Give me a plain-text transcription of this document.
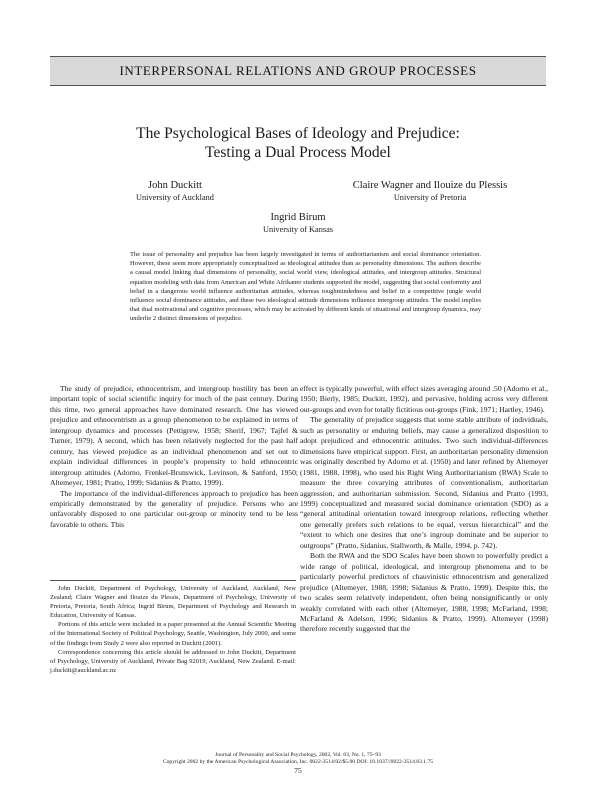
INTERPERSONAL RELATIONS AND GROUP PROCESSES
The Psychological Bases of Ideology and Prejudice:
Testing a Dual Process Model
John Duckitt
University of Auckland
Claire Wagner and Ilouize du Plessis
University of Pretoria
Ingrid Birum
University of Kansas

The issue of personality and prejudice has been largely investigated in terms of authoritarianism and social dominance orientation. However, these seem more appropriately conceptualized as ideological attitudes than as personality dimensions. The authors describe a causal model linking dual dimensions of personality, social world view, ideological attitudes, and intergroup attitudes. Structural equation modeling with data from American and White Afrikaner students supported the model, suggesting that social conformity and belief in a dangerous world influence authoritarian attitudes, whereas toughmindedness and belief in a competitive jungle world influence social dominance attitudes, and these two ideological attitude dimensions influence intergroup attitudes. The model implies that dual motivational and cognitive processes, which may be activated by different kinds of situational and intergroup dynamics, may underlie 2 distinct dimensions of prejudice.

The study of prejudice, ethnocentrism, and intergroup hostility has been an important topic of social scientific inquiry for much of the past century. During this time, two general approaches have dominated research. One has viewed prejudice and ethnocentrism as a group phenomenon to be explained in terms of intergroup dynamics and processes (Pettigrew, 1958; Sherif, 1967; Tajfel & Turner, 1979). A second, which has been relatively neglected for the past half century, has viewed prejudice as an individual phenomenon and set out to explain individual differences in people’s propensity to hold ethnocentric intergroup attitudes (Adorno, Frenkel-Brunswick, Levinson, & Sanford, 1950; Altemeyer, 1981; Pratto, 1999; Sidanius & Pratto, 1999).

The importance of the individual-differences approach to prejudice has been empirically demonstrated by the generality of prejudice. Persons who are unfavorably disposed to one particular out-group or minority tend to be less favorable to others. This

effect is typically powerful, with effect sizes averaging around .50 (Adorno et al., 1950; Bierly, 1985; Duckitt, 1992), and pervasive, holding across very different out-groups and even for totally fictitious out-groups (Fink, 1971; Hartley, 1946).

The generality of prejudice suggests that some stable attribute of individuals, such as personality or enduring beliefs, may cause a generalized disposition to adopt prejudiced and ethnocentric attitudes. Two such individual-differences dimensions have empirical support. First, an authoritarian personality dimension was originally described by Adorno et al. (1950) and later refined by Altemeyer (1981, 1988, 1998), who used his Right Wing Authoritarianism (RWA) Scale to measure the three covarying attributes of conventionalism, authoritarian aggression, and authoritarian submission. Second, Sidanius and Pratto (1993, 1999) conceptualized and measured social dominance orientation (SDO) as a “general attitudinal orientation toward intergroup relations, reflecting whether one generally prefers such relations to be equal, versus hierarchical” and the “extent to which one desires that one’s ingroup dominate and be superior to outgroups” (Pratto, Sidanius, Stallworth, & Malle, 1994, p. 742).

Both the RWA and the SDO Scales have been shown to powerfully predict a wide range of political, ideological, and intergroup phenomena and to be particularly powerful predictors of chauvinistic ethnocentrism and generalized prejudice (Altemeyer, 1988, 1998; Sidanius & Pratto, 1999). Despite this, the two scales seem relatively independent, often being nonsignificantly or only weakly correlated with each other (Altemeyer, 1988, 1998; McFarland, 1998; McFarland & Adelson, 1996; Sidanius & Pratto, 1999). Altemeyer (1998) therefore recently suggested that the

John Duckitt, Department of Psychology, University of Auckland, Auckland, New Zealand; Claire Wagner and Ilouize du Plessis, Department of Psychology, University of Pretoria, Pretoria, South Africa; Ingrid Birum, Department of Psychology and Research in Education, University of Kansas.

Portions of this article were included in a paper presented at the Annual Scientific Meeting of the International Society of Political Psychology, Seattle, Washington, July 2000, and some of the findings from Study 2 were also reported in Duckitt (2001).

Correspondence concerning this article should be addressed to John Duckitt, Department of Psychology, University of Auckland, Private Bag 92019, Auckland, New Zealand. E-mail: j.duckitt@auckland.ac.nz

Journal of Personality and Social Psychology, 2002, Vol. 83, No. 1, 75–93
Copyright 2002 by the American Psychological Association, Inc. 0022-3514/02/$5.00 DOI: 10.1037//0022-3514.83.1.75
75
